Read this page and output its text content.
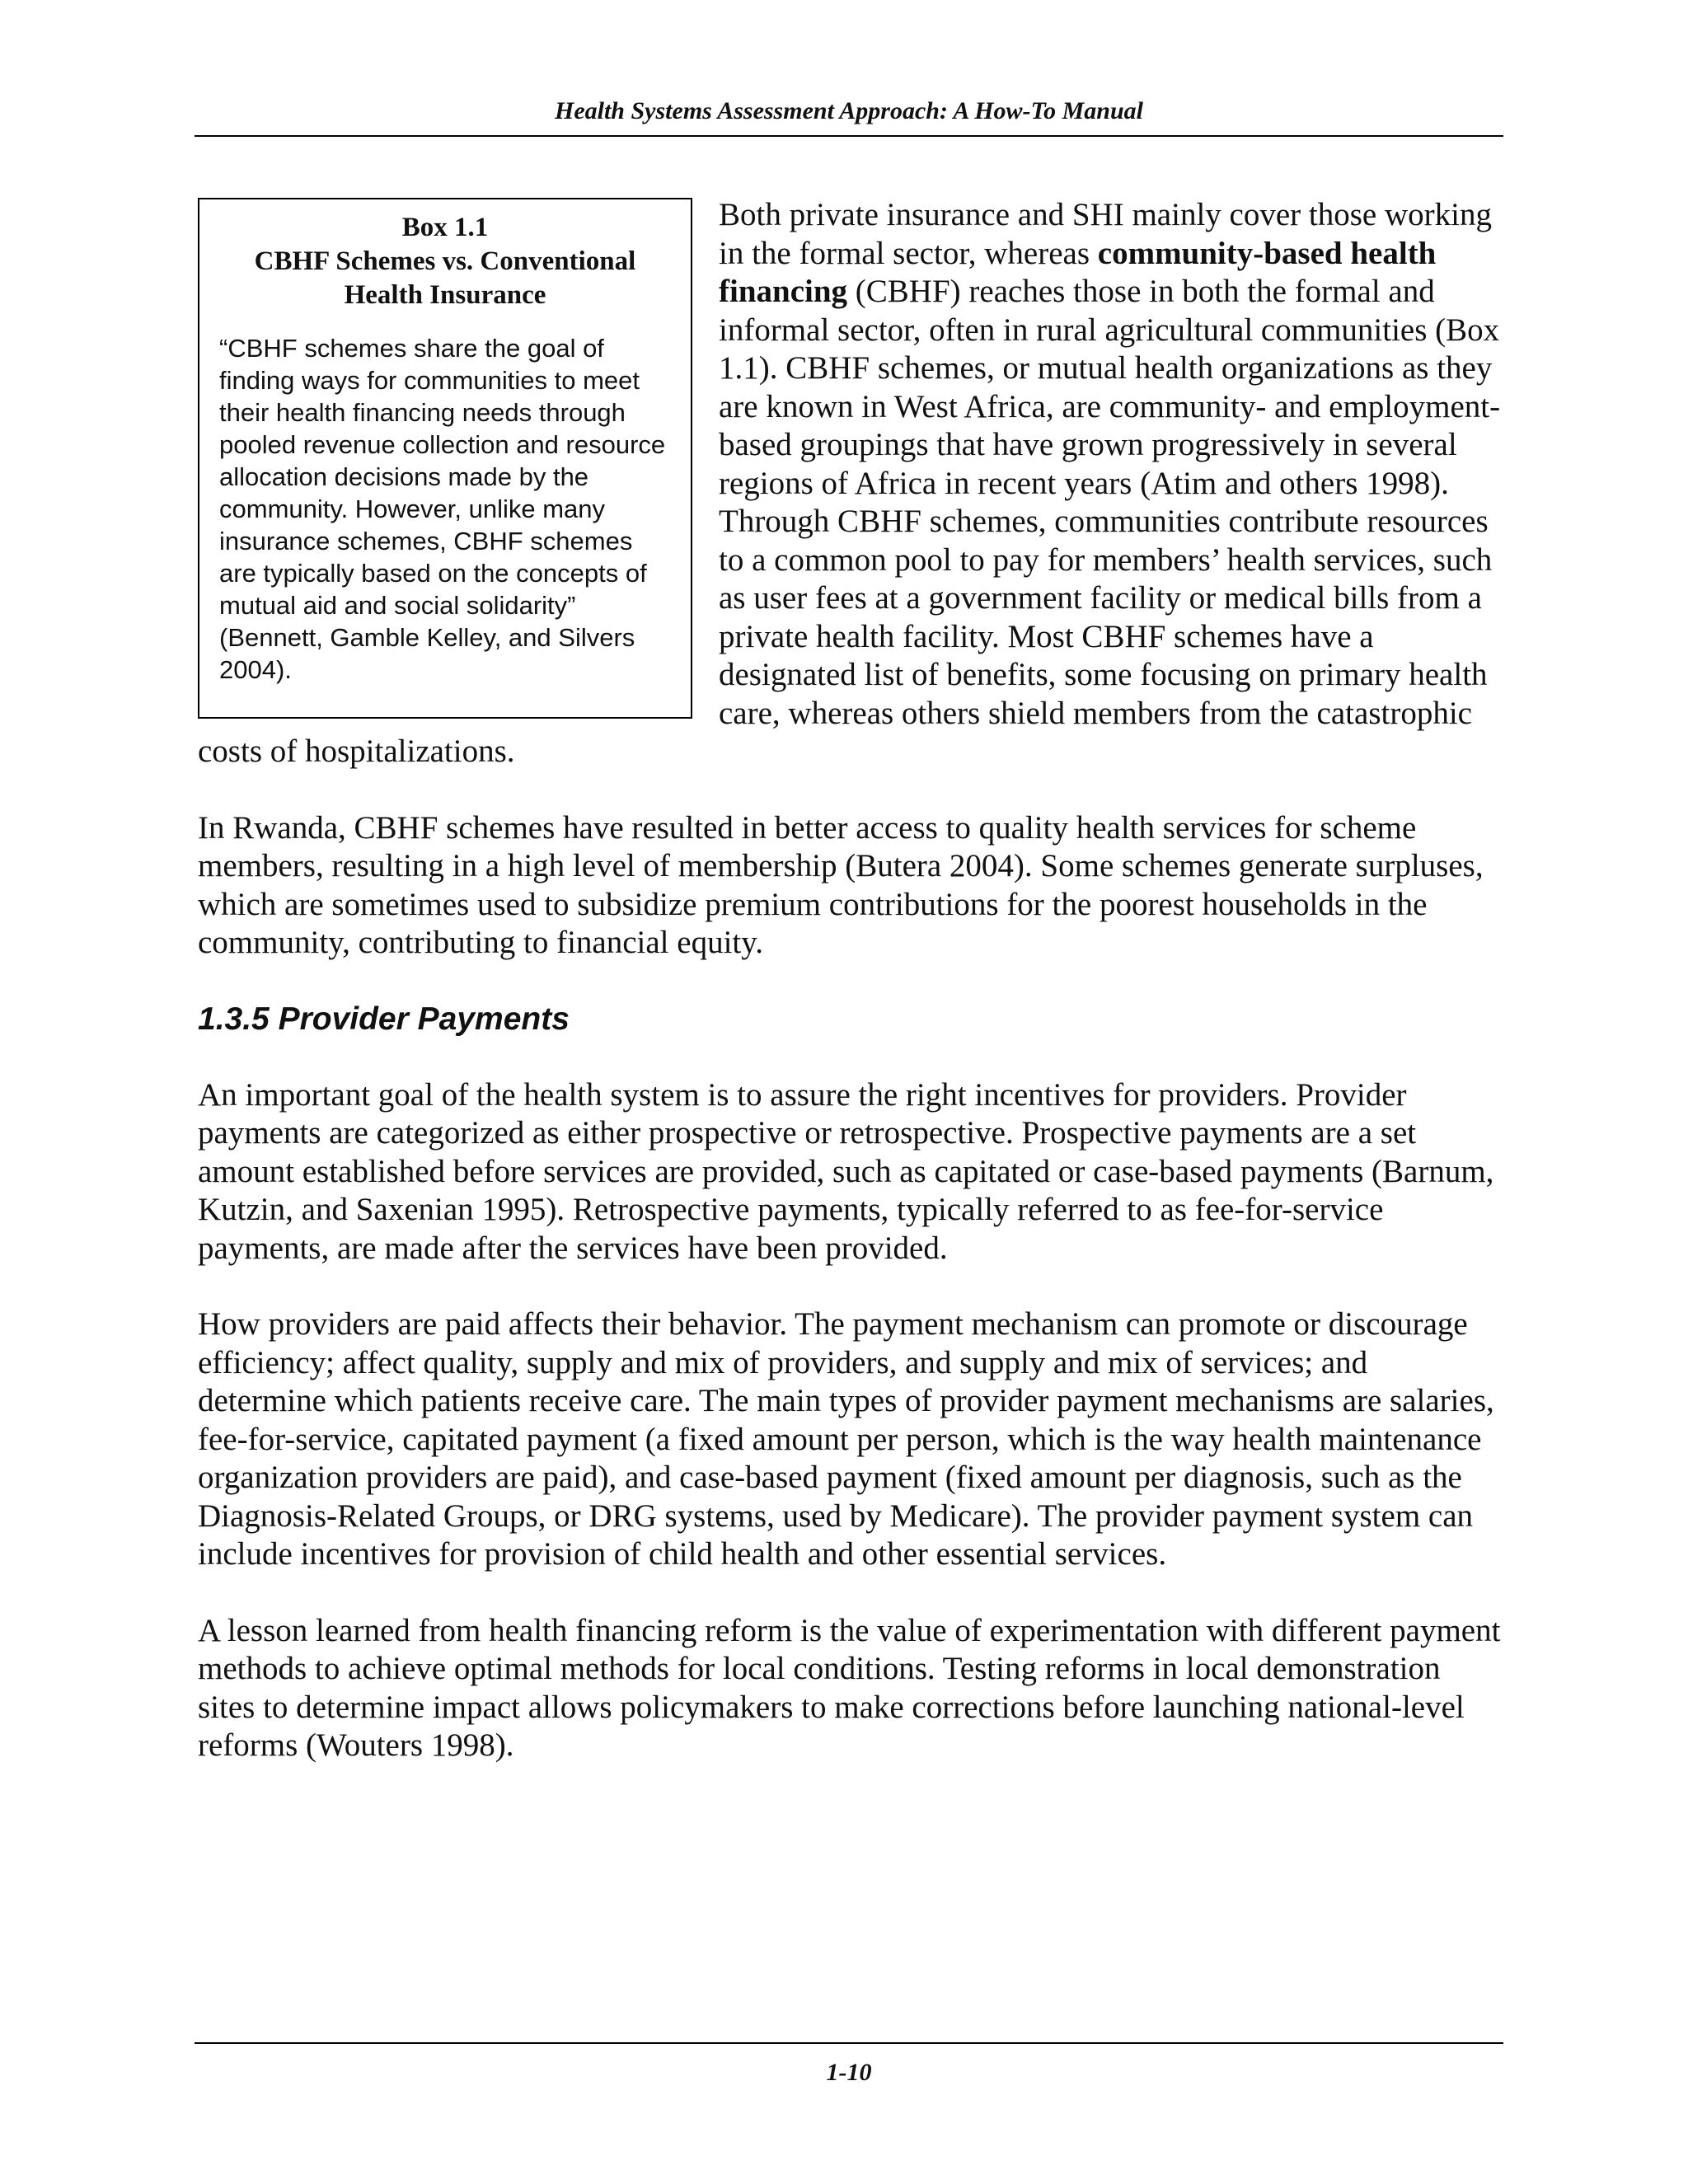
Health Systems Assessment Approach: A How-To Manual
Box 1.1
CBHF Schemes vs. Conventional
Health Insurance
“CBHF schemes share the goal of finding ways for communities to meet their health financing needs through pooled revenue collection and resource allocation decisions made by the community. However, unlike many insurance schemes, CBHF schemes are typically based on the concepts of mutual aid and social solidarity” (Bennett, Gamble Kelley, and Silvers 2004).

Both private insurance and SHI mainly cover those working in the formal sector, whereas community-based health financing (CBHF) reaches those in both the formal and informal sector, often in rural agricultural communities (Box 1.1). CBHF schemes, or mutual health organizations as they are known in West Africa, are community- and employment-based groupings that have grown progressively in several regions of Africa in recent years (Atim and others 1998). Through CBHF schemes, communities contribute resources to a common pool to pay for members’ health services, such as user fees at a government facility or medical bills from a private health facility. Most CBHF schemes have a designated list of benefits, some focusing on primary health care, whereas others shield members from the catastrophic costs of hospitalizations.

In Rwanda, CBHF schemes have resulted in better access to quality health services for scheme members, resulting in a high level of membership (Butera 2004). Some schemes generate surpluses, which are sometimes used to subsidize premium contributions for the poorest households in the community, contributing to financial equity.

1.3.5 Provider Payments

An important goal of the health system is to assure the right incentives for providers. Provider payments are categorized as either prospective or retrospective. Prospective payments are a set amount established before services are provided, such as capitated or case-based payments (Barnum, Kutzin, and Saxenian 1995). Retrospective payments, typically referred to as fee-for-service payments, are made after the services have been provided.

How providers are paid affects their behavior. The payment mechanism can promote or discourage efficiency; affect quality, supply and mix of providers, and supply and mix of services; and determine which patients receive care. The main types of provider payment mechanisms are salaries, fee-for-service, capitated payment (a fixed amount per person, which is the way health maintenance organization providers are paid), and case-based payment (fixed amount per diagnosis, such as the Diagnosis-Related Groups, or DRG systems, used by Medicare). The provider payment system can include incentives for provision of child health and other essential services.

A lesson learned from health financing reform is the value of experimentation with different payment methods to achieve optimal methods for local conditions. Testing reforms in local demonstration sites to determine impact allows policymakers to make corrections before launching national-level reforms (Wouters 1998).

1-10
